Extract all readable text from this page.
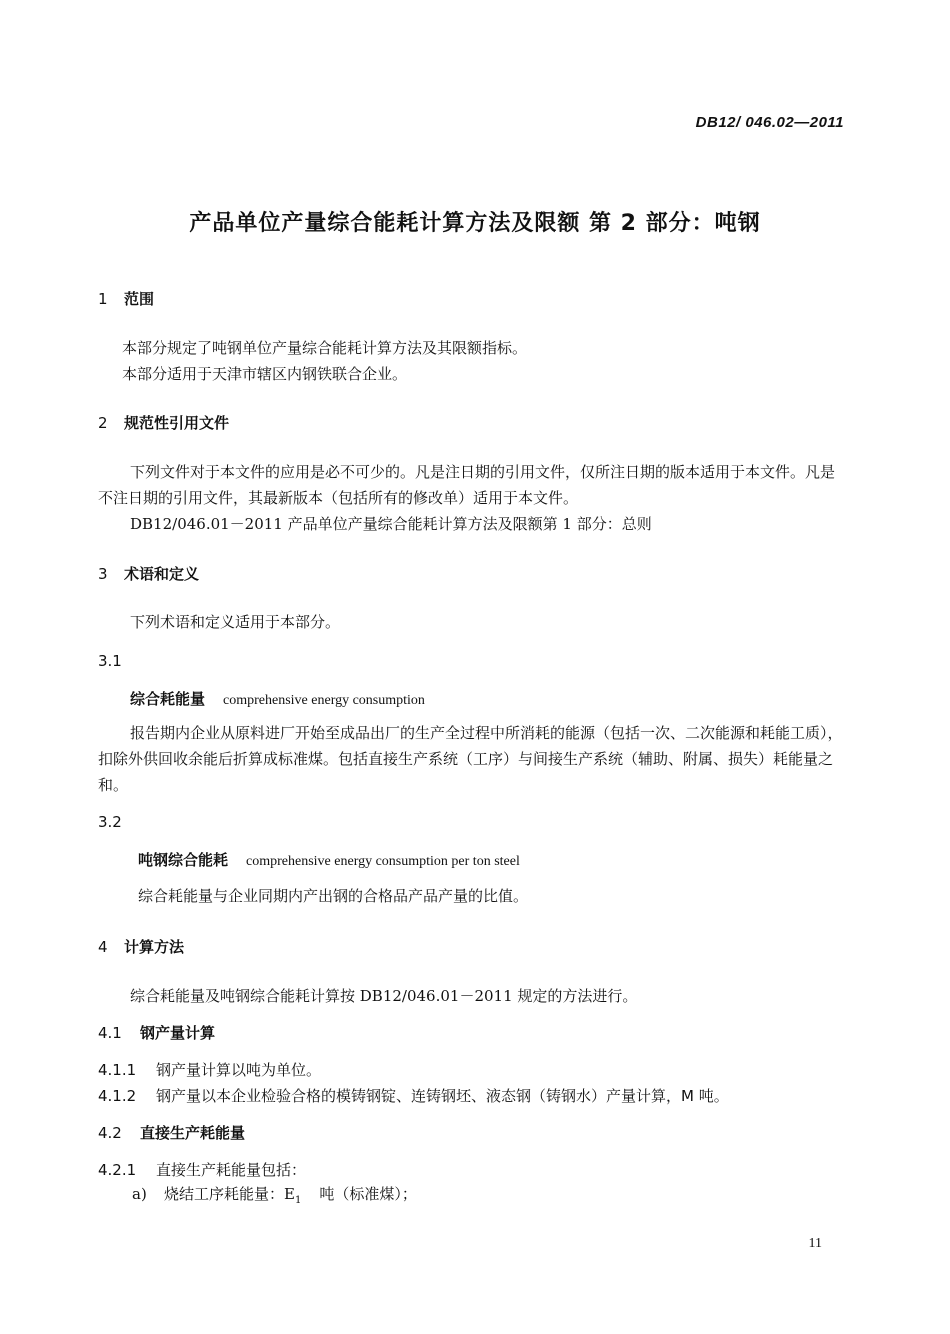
DB12/ 046.02—2011
产品单位产量综合能耗计算方法及限额 第 2 部分：吨钢
1 范围
本部分规定了吨钢单位产量综合能耗计算方法及其限额指标。
本部分适用于天津市辖区内钢铁联合企业。
2 规范性引用文件
下列文件对于本文件的应用是必不可少的。凡是注日期的引用文件，仅所注日期的版本适用于本文件。凡是不注日期的引用文件，其最新版本（包括所有的修改单）适用于本文件。
DB12/046.01－2011 产品单位产量综合能耗计算方法及限额第 1 部分：总则
3 术语和定义
下列术语和定义适用于本部分。
3.1
综合耗能量 comprehensive energy consumption
报告期内企业从原料进厂开始至成品出厂的生产全过程中所消耗的能源（包括一次、二次能源和耗能工质），扣除外供回收余能后折算成标准煤。包括直接生产系统（工序）与间接生产系统（辅助、附属、损失）耗能量之和。
3.2
吨钢综合能耗 comprehensive energy consumption per ton steel
综合耗能量与企业同期内产出钢的合格品产品产量的比值。
4 计算方法
综合耗能量及吨钢综合能耗计算按 DB12/046.01－2011 规定的方法进行。
4.1 钢产量计算
4.1.1 钢产量计算以吨为单位。
4.1.2 钢产量以本企业检验合格的模铸钢锭、连铸钢坯、液态钢（铸钢水）产量计算，M 吨。
4.2 直接生产耗能量
4.2.1 直接生产耗能量包括：
a) 烧结工序耗能量：$E_1$ 吨（标准煤）；
11
